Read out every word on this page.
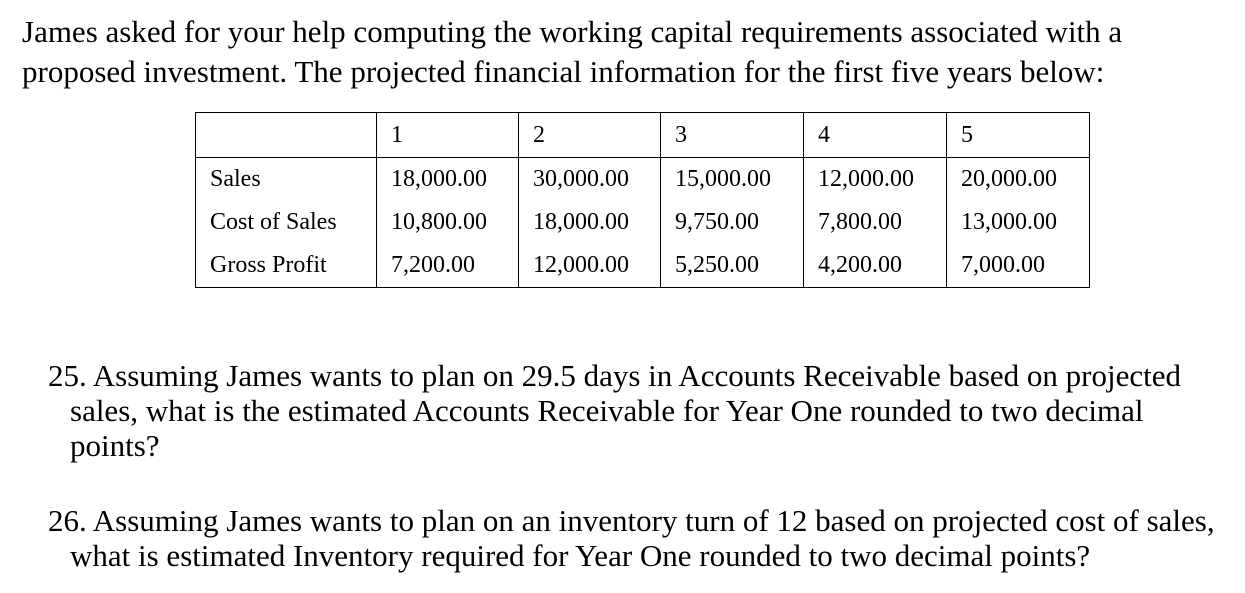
James asked for your help computing the working capital requirements associated with a
proposed investment. The projected financial information for the first five years below:

	1	2	3	4	5
Sales	18,000.00	30,000.00	15,000.00	12,000.00	20,000.00
Cost of Sales	10,800.00	18,000.00	9,750.00	7,800.00	13,000.00
Gross Profit	7,200.00	12,000.00	5,250.00	4,200.00	7,000.00

25. Assuming James wants to plan on 29.5 days in Accounts Receivable based on projected
sales, what is the estimated Accounts Receivable for Year One rounded to two decimal
points?

26. Assuming James wants to plan on an inventory turn of 12 based on projected cost of sales,
what is estimated Inventory required for Year One rounded to two decimal points?
